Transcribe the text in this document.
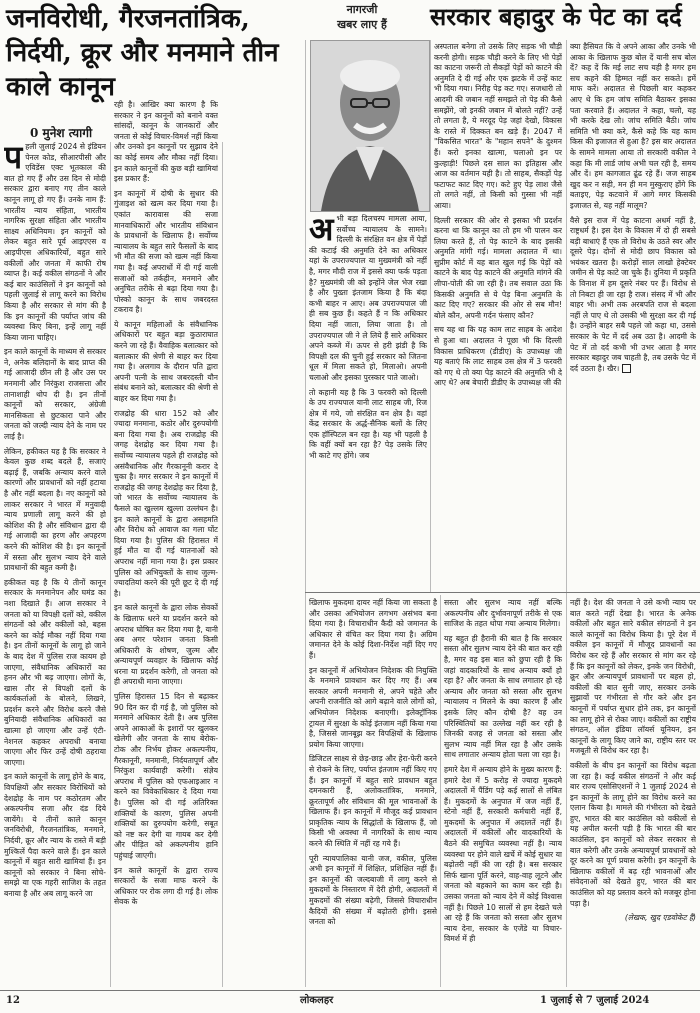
जनविरोधी, गैरजनतांत्रिक, निर्दयी, क्रूर और मनमाने तीन काले कानून
नागरजी
खबर लाए हैं	सरकार बहादुर के पेट का दर्द
0 मुनेश त्यागी
प हली जुलाई 2024 से इंडियन पेनल कोड, सीआरपीसी और एविडेंस एक्ट भूतकाल की बात हो गए हैं और उस दिन से मोदी सरकार द्वारा बनाए गए तीन काले कानून लागू हो गए हैं। उनके नाम हैं: भारतीय न्याय संहिता, भारतीय नागरिक सुरक्षा संहिता और भारतीय साक्ष्य अधिनियम। इन कानूनों को लेकर बहुत सारे पूर्व आइएएस व आइपीएस अधिकारियों, बहुत सारे वकीलों और जनता में काफी रोष व्याप्त है। कई वकील संगठनों ने और कई बार काउंसिलों ने इन कानूनों को पहली जुलाई से लागू करने का विरोध किया है और सरकार से मांग की है कि इन कानूनों की पर्याप्त जांच की व्यवस्था किए बिना, इन्हें लागू नहीं किया जाना चाहिए।

इन काले कानूनों के माध्यम से सरकार ने, अनेक बलिदानों के बाद प्राप्त की गई आजादी छीन ली है और उस पर मनमानी और निरंकुश राजसत्ता और तानाशाही थोप दी है। इन तीनों कानूनों को सरकार, अंग्रेजी मानसिकता से छुटकारा पाने और जनता को जल्दी न्याय देने के नाम पर लाई है।

लेकिन, हकीकत यह है कि सरकार ने केवल कुछ शब्द बदले हैं, सजाएं बढ़ाई हैं, जबकि अन्याय करने वाले कारणों और प्रावधानों को नहीं हटाया है और नहीं बदला है। नए कानूनों को लाकर सरकार ने भारत में मनुवादी न्याय प्रणाली लागू करने की हो कोशिश की है और संविधान द्वारा दी गई आजादी का हरण और अपहरण करने की कोशिश की है। इन कानूनों में सस्ता और सुलभ न्याय देने वाले प्रावधानों की बहुत कमी है।

हकीकत यह है कि ये तीनों कानून सरकार के मनमानेपन और घमंड का नशा दिखाते हैं। आज सरकार ने जनता को या विपक्षी दलों को, वकील संगठनों को और वकीलों को, बहस करने का कोई मौका नहीं दिया गया है। इन तीनों कानूनों के लागू हो जाने के बाद देश में पुलिस राज कायम हो जाएगा, संवैधानिक अधिकारों का हनन और भी बढ़ जाएगा। लोगों के, खास तौर से विपक्षी दलों के कार्यकर्ताओं के बोलने, लिखने, प्रदर्शन करने और विरोध करने जैसे बुनियादी संवैधानिक अधिकारों का खात्मा हो जाएगा और उन्हें एंटी-नेशनल कहकर अपराधी बनाया जाएगा और फिर उन्हें दोषी ठहराया जाएगा।

इन काले कानूनों के लागू होने के बाद, विपक्षियों और सरकार विरोधियों को देशद्रोह के नाम पर कठोरतम और अकल्पनीय सजा और दंड दिये जायेंगे। ये तीनों काले कानून जनविरोधी, गैरजनतांत्रिक, मनमाने, निर्दयी, क्रूर और न्याय के रास्ते में बड़ी मुश्किलें पैदा करने वाले हैं। इन काले कानूनों में बहुत सारी खामियां हैं। इन कानूनों को सरकार ने बिना सोचे-समझे या एक गहरी साजिश के तहत बनाया है और अब लागू करने जा

रही है। आखिर क्या कारण है कि सरकार ने इन कानूनों को बनाने वक्त सांसदों, कानून के जानकारों और जनता से कोई विचार-विमर्श नहीं किया और उनको इन कानूनों पर सुझाव देने का कोई समय और मौका नहीं दिया। इन काले कानूनों की कुछ बड़ी खामियां इस प्रकार हैं:

इन कानूनों में दोषी के सुधार की गुंजाइश को खत्म कर दिया गया है। एकांत कारावास की सजा मानवाधिकारों और भारतीय संविधान के प्रावधानों के खिलाफ है। सर्वोच्च न्यायालय के बहुत सारे फैसलों के बाद भी मौत की सजा को खत्म नहीं किया गया है। कई अपराधों में दी गई वाली सजाओं को तर्कहीन, मनमाने और अनुचित तरीके से बढ़ा दिया गया है। पोस्को कानून के साथ जबरदस्त टकराव है।

ये कानून महिलाओं के संवैधानिक अधिकारों पर बहुत बड़ा कुठाराघात करने जा रहे हैं। वैवाहिक बलात्कार को बलात्कार की श्रेणी से बाहर कर दिया गया है। अलगाव के दौरान पति द्वारा अपनी पत्नी के साथ जबरदस्ती यौन संबंध बनाने को, बलात्कार की श्रेणी से बाहर कर दिया गया है।

राजद्रोह की धारा 152 को और ज्यादा मनमाना, कठोर और दुरुपयोगी बना दिया गया है। अब राजद्रोह की जगह देशद्रोह कर दिया गया है। सर्वोच्च न्यायालय पहले ही राजद्रोह को असंवैधानिक और गैरकानूनी करार दे चुका है। मगर सरकार ने इन कानूनों में राजद्रोह की जगह देशद्रोह कर दिया है, जो भारत के सर्वोच्च न्यायालय के फैसले का खुल्लम खुल्ला उल्लंघन है। इन काले कानूनों के द्वारा असहमति और विरोध को आवाज का गला घोंट दिया गया है। पुलिस की हिरासत में हुई मौत या दी गई यातनाओं को अपराध नहीं माना गया है। इस प्रकार पुलिस को अभियुक्तों के साथ जुल्म-ज्यादतियां करने की पूरी छूट दे दी गई है।

इन काले कानूनों के द्वारा लोक सेवकों के खिलाफ धरने या प्रदर्शन करने को अपराध घोषित कर दिया गया है, यानी अब अगर परेशान जनता किसी अधिकारी के शोषण, जुल्म और अन्यायपूर्ण व्यवहार के खिलाफ कोई धरना या प्रदर्शन करेगी, तो जनता को ही अपराधी माना जाएगा।

पुलिस हिरासत 15 दिन से बढ़ाकर 90 दिन कर दी गई है, जो पुलिस को मनमाने अधिकार देती है। अब पुलिस अपने आकाओं के इशारों पर खुलकर खेलेगी और जनता के साथ बेरोक-टोक और निर्भय होकर अकल्पनीय, गैरकानूनी, मनमानी, निर्दयतापूर्ण और निरंकुश कार्यवाही करेगी। संज्ञेय अपराध में पुलिस को एफआइआर न करने का विवेकाधिकार दे दिया गया है। पुलिस को दी गई अतिरिक्त शक्तियों के कारण, पुलिस अपनी शक्तियों का दुरुपयोग करेगी, सबूत को नष्ट कर देगी या गायब कर देगी और पीड़ित को अकल्पनीय हानि पहुंचाई जाएगी।

इन काले कानूनों के द्वारा राज्य सरकारों के सजा माफ करने के अधिकार पर रोक लगा दी गई है। लोक सेवक के

खिलाफ मुकदमा दायर नहीं किया जा सकता है और उसका अभियोजन लगभग असंभव बना दिया गया है। विचाराधीन कैदी को जमानत के अधिकार से वंचित कर दिया गया है। अग्रिम जमानत देने के कोई दिशा-निर्देश नहीं दिए गए हैं।

इन कानूनों में अभियोजन निदेशक की नियुक्ति के मनमाने प्रावधान कर दिए गए हैं। अब सरकार अपनी मनमानी से, अपने चहेते और अपनी राजनीति को आगे बढ़ाने वाले लोगों को, अभियोजन निदेशक बनाएगी। इलेक्ट्रॉनिक ट्रायल में सुरक्षा के कोई इंतजाम नहीं किया गया है, जिससे जानबूझ कर विपक्षियों के खिलाफ प्रयोग किया जाएगा।

डिजिटल साक्ष्य से छेड़-छाड़ और हेरा-फेरी करने से रोकने के लिए, पर्याप्त इंतजाम नहीं किए गए हैं। इन कानूनों में बहुत सारे प्रावधान बहुत दमनकारी हैं, अलोकतांत्रिक, मनमाने, क्रूरतापूर्ण और संविधान की मूल भावनाओं के खिलाफ हैं। इन कानूनों में मौजूद कई प्रावधान प्राकृतिक न्याय के सिद्धांतों के खिलाफ हैं, जो किसी भी अवस्था में नागरिकों के साथ न्याय करने की स्थिति में नहीं रह गये हैं।

पूरी न्यायपालिका यानी जज, वकील, पुलिस अभी इन कानूनों में शिक्षित, प्रशिक्षित नहीं हैं। इन कानूनों की जल्दबाजी में लागू करने से मुकदमों के निस्तारण में देरी होगी, अदालतों में मुकदमों की संख्या बढ़ेगी, जिससे विचाराधीन कैदियों की संख्या में बढ़ोतरी होगी। इससे जनता को

सस्ता और सुलभ न्याय नहीं बल्कि अकल्पनीय और दुर्भावनापूर्ण तरीके से एक साजिश के तहत थोपा गया अन्याय मिलेगा।

यह बहुत ही हैरानी की बात है कि सरकार सस्ता और सुलभ न्याय देने की बात कर रही है, मगर वह इस बात को छुपा रही है कि जहां वादकारियों के साथ अन्याय क्यों हो रहा है? और जनता के साथ लगातार हो रहे अन्याय और जनता को सस्ता और सुलभ न्यायालय न मिलने के क्या कारण हैं और इसके लिए कौन दोषी है? वह उन परिस्थितियों का उल्लेख नहीं कर रही है जिनकी वजह से जनता को सस्ता और सुलभ न्याय नहीं मिल रहा है और उसके साथ लगातार अन्याय होता चला जा रहा है।

हमारे देश में अन्याय होने के मुख्य कारण हैं: हमारे देश में 5 करोड़ से ज्यादा मुकदमे अदालतों में पैंडिंग पड़े कई सालों से लंबित हैं। मुकदमों के अनुपात में जज नहीं हैं, स्टेनो नहीं हैं, सरकारी कर्मचारी नहीं हैं, मुकदमों के अनुपात में अदालतें नहीं हैं। अदालतों में वकीलों और वादकारियों के बैठने की समुचित व्यवस्था नहीं है। न्याय व्यवस्था पर होने वाले खर्चे में कोई सुधार या बढ़ोतरी नहीं की जा रही है। बस सरकार सिर्फ खाना पूर्ति करने, वाह-वाह लूटने और जनता को बहकाने का काम कर रही है। उसका जनता को न्याय देने में कोई विश्वास नहीं है। पिछले 10 सालों से हम देखते चले आ रहे हैं कि जनता को सस्ता और सुलभ न्याय देना, सरकार के एजेंडे या विचार-विमर्श में ही

नहीं है। देश की जनता ने उसे कभी न्याय पर बात करते नहीं देखा है। भारत के अनेक वकीलों और बहुत सारे वकील संगठनों ने इन काले कानूनों का विरोध किया है। पूरे देश में वकील इन कानूनों में मौजूद प्रावधानों का विरोध कर रहे हैं और सरकार से मांग कर रहे हैं कि इन कानूनों को लेकर, इनके जन विरोधी, क्रूर और अन्यायपूर्ण प्रावधानों पर बहस हो, वकीलों की बात सुनी जाए, सरकार उनके सुझावों पर गंभीरता से गौर करे और इन कानूनों में पर्याप्त सुधार होने तक, इन कानूनों का लागू होने से रोका जाए। वकीलों का राष्ट्रीय संगठन, ऑल इंडिया लॉयर्स यूनियन, इन कानूनों के लागू किए जाने का, राष्ट्रीय स्तर पर मजबूती से विरोध कर रहा है।

वकीलों के बीच इन कानूनों का विरोध बढ़ता जा रहा है। कई वकील संगठनों ने और कई बार राज्य एसोसिएशनों ने 1 जुलाई 2024 से इन कानूनों के लागू होने का विरोध करने का एलान किया है। मामले की गंभीरता को देखते हुए, भारत की बार काउंसिल को वकीलों से यह अपील करनी पड़ी है कि भारत की बार काउंसिल, इन कानूनों को लेकर सरकार से बात करेगी और उनके अन्यायपूर्ण प्रावधानों को दूर करने का पूर्ण प्रयास करेगी। इन कानूनों के खिलाफ वकीलों में बढ़ रही भावनाओं और संवेदनाओं को देखते हुए, भारत की बार काउंसिल को यह प्रस्ताव करने को मजबूर होना पड़ा है।

(लेखक, खुद एडवोकेट हैं)

अ भी बड़ा दिलचस्प मामला आया, सर्वोच्च न्यायालय के सामने। दिल्ली के संरक्षित वन क्षेत्र में पेड़ों की कटाई की अनुमति देने का अधिकार यहां के उपराज्यपाल या मुख्यमंत्री को नहीं है, मगर मौदी राज में इससे क्या फर्क पड़ता है? मुख्यमंत्री जी को इन्होंने जेल भेज रखा है और पुख्ता इंतजाम किया है कि बंदा कभी बाहर न आए। अब उपराज्यपाल जी ही सब कुछ हैं। कहते हैं न कि अधिकार दिया नहीं जाता, लिया जाता है। तो उपराज्यपाल जी ने ले लिये हैं सारे अधिकार अपने कब्जे में। ऊपर से हरी झंडी है कि विपक्षी दल की चुनी हुई सरकार को जितना धूल में मिला सकते हो, मिलाओ। अपनी चलाओ और इसका पुरस्कार पाते जाओ।

तो कहानी यह है कि 3 फरवरी को दिल्ली के उप राज्यपाल यानी लाट साहब जी, रिज क्षेत्र में गये, जो संरक्षित वन क्षेत्र है। वहां केंद्र सरकार के अर्द्ध-सैनिक बलों के लिए एक हॉस्पिटल बन रहा है। यह भी पहली है कि वहीं क्यों बन रहा है? पेड़ उसके लिए भी काटे गए होंगे। जब

अस्पताल बनेगा तो उसके लिए सड़क भी चौड़ी करनी होगी। सड़क चौड़ी करने के लिए भी पेड़ों का काटना जरूरी तो सैकड़ों पेड़ों को काटने की अनुमति दे दी गई और एक झटके में उन्हें काट भी दिया गया। निरीह पेड़ कट गए। सजधारी तो आदमी की जबान नहीं समझते तो पेड़ की कैसे समझेंगे, जो इनकी जबान में बोलते नहीं? उन्हें तो लगता है, ये मरदूद पेड़ जहां देखो, विकास के रास्ते में दिक्कत बन खड़े हैं। 2047 में "विकसित भारत" के "महान सपने" के दुश्मन हैं। करो इनका खात्मा, चलाओ इन पर कुल्हाड़ी! पिछले दस साल का इतिहास और आज का वर्तमान यही है। तो साहब, सैकड़ों पेड़ फटाफट काट दिए गए। कटे हुए पेड़ लाश जैसे तो लगते नहीं, तो किसी को गुस्सा भी नहीं आया।

दिल्ली सरकार की ओर से इसका भी प्रदर्शन करना था कि कानून का तो हम भी पालन कर लिया करते हैं, तो पेड़ काटने के बाद इसकी अनुमति मांगी गई। मामला अदालत में था। सुप्रीम कोर्ट में यह बात खुल गई कि पेड़ों को काटने के बाद पेड़ काटने की अनुमति मांगने की लीपा-पोती की जा रही है। तब सवाल उठा कि किसकी अनुमति से ये पेड़ बिना अनुमति के काट दिए गए? सरकार की ओर से सब मौन! बोले कौन, अपनी गर्दन फंसाए कौन?

सच यह था कि यह काम लाट साहब के आदेश से हुआ था। अदालत ने पूछा भी कि दिल्ली विकास प्राधिकरण (डीडीए) के उपाध्यक्ष जी यह बताएं कि लाट साहब उस क्षेत्र में 3 फरवरी को गए थे तो क्या पेड़ काटने की अनुमति भी दे आए थे? अब बेचारी डीडीए के उपाध्यक्ष जी की

क्या हैसियत कि वे अपने आका और उनके भी आका के खिलाफ कुछ बोल दें यानी सच बोल दें? कह दें कि मई लाट सच यही है मगर हम सच कहने की हिम्मत नहीं कर सकते। हमें माफ करें। अदालत से पिछली बार कहकर आए थे कि हम जांच समिति बैठाकर इसका पता करवाते हैं। अदालत ने कहा, चलो, यह भी करके देख लो। जांच समिति बैठी। जांच समिति भी क्या करे, कैसे कहे कि यह काम किस की इजाजत से हुआ है? इस बार अदालत के सामने मामला आया तो सरकारी वकील ने कहा कि मी लार्ड जांच अभी चल रही है, समय और दें। हम कागजात ढूंढ रहे हैं। जज साहब खुद कर न सही, मन ही मन मुस्कुराए होंगे कि बताइए, पेड़ कटवाने में आगे मगर किसकी इजाजत से, यह नहीं मालूम?

वैसे इस राज में पेड़ काटना अधर्म नहीं है, राष्ट्रधर्म है। इस देश के विकास में दो ही सबसे बड़ी बाधाएं हैं एक तो विरोध के उठते स्वर और दूसरे पेड़। दोनों से मोदी छाप विकास को भयंकर खतरा है। करोड़ों साल लाखो हेक्टेयर जमीन से पेड़ काटे जा चुके हैं। दुनिया में प्रकृति के विनाश में हम दूसरे नंबर पर हैं। विरोध से तो निबटा ही जा रहा है राज। संसद में भी और बाहर भी। अभी तक अरबपति राज से बदला नहीं ले पाए थे तो उसकी भी सुरक्षा कर दी गई है। उन्होंने बाहर सबै पहले जो कहा था, उससे सरकार के पेट में दर्द अब उठा है। आदमी के पेट में तो दर्द कभी भी उभर आता है मगर सरकार बहादुर जब चाहती है, तब उसके पेट में दर्द उठता है। खैर।

12	लोकलहर	1 जुलाई से 7 जुलाई 2024
